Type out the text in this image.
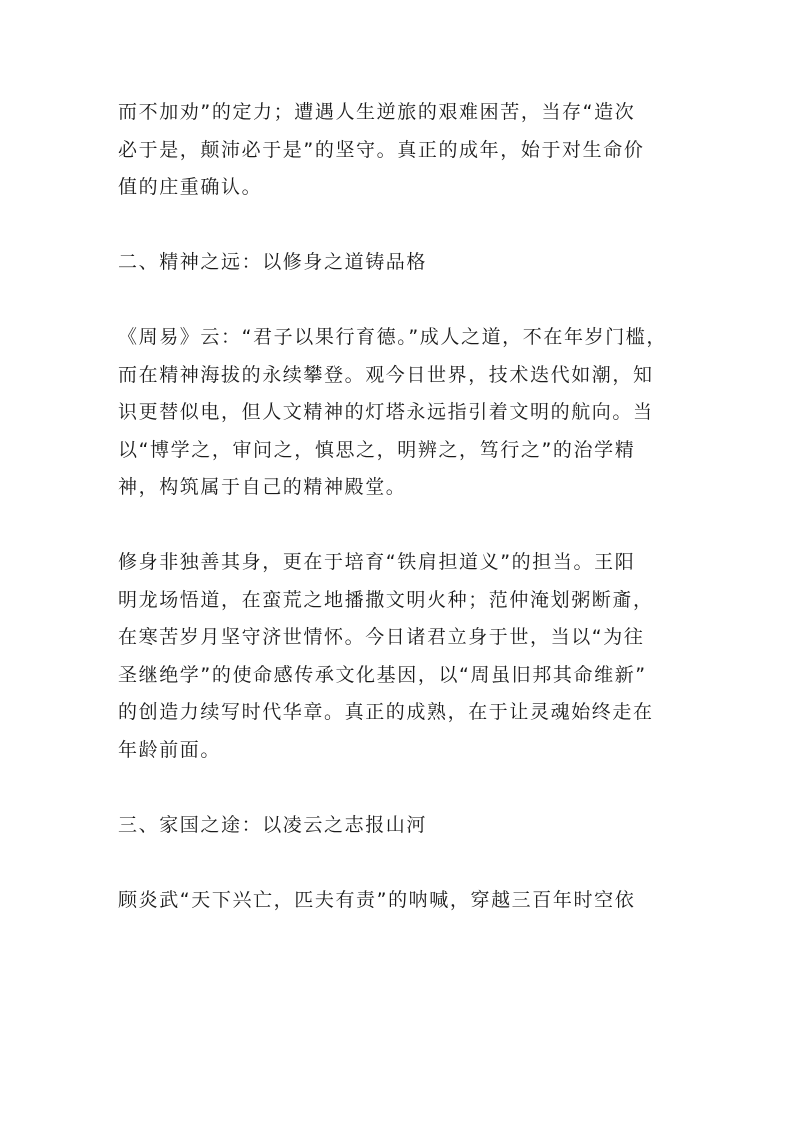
而不加劝”的定力；遭遇人生逆旅的艰难困苦，当存“造次
必于是，颠沛必于是”的坚守。真正的成年，始于对生命价
值的庄重确认。

二、精神之远：以修身之道铸品格

《周易》云：“君子以果行育德。”成人之道，不在年岁门槛，
而在精神海拔的永续攀登。观今日世界，技术迭代如潮，知
识更替似电，但人文精神的灯塔永远指引着文明的航向。当
以“博学之，审问之，慎思之，明辨之，笃行之”的治学精
神，构筑属于自己的精神殿堂。

修身非独善其身，更在于培育“铁肩担道义”的担当。王阳
明龙场悟道，在蛮荒之地播撒文明火种；范仲淹划粥断齑，
在寒苦岁月坚守济世情怀。今日诸君立身于世，当以“为往
圣继绝学”的使命感传承文化基因，以“周虽旧邦其命维新”
的创造力续写时代华章。真正的成熟，在于让灵魂始终走在
年龄前面。

三、家国之途：以凌云之志报山河

顾炎武“天下兴亡，匹夫有责”的呐喊，穿越三百年时空依
